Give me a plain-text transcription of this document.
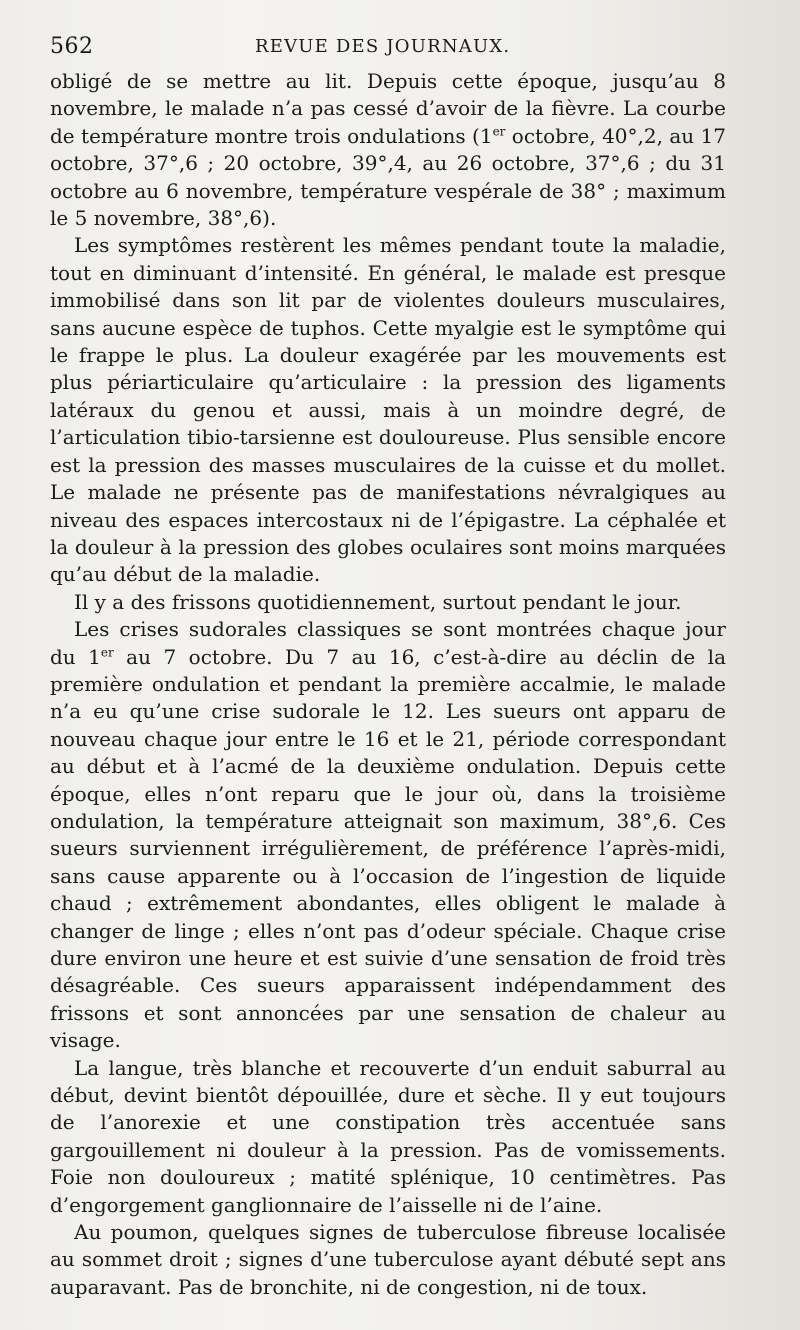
562	REVUE DES JOURNAUX.

obligé de se mettre au lit. Depuis cette époque, jusqu’au 8 novembre, le malade n’a pas cessé d’avoir de la fièvre. La courbe de température montre trois ondulations (1er octobre, 40°,2, au 17 octobre, 37°,6 ; 20 octobre, 39°,4, au 26 octobre, 37°,6 ; du 31 octobre au 6 novembre, température vespérale de 38° ; maximum le 5 novembre, 38°,6).

Les symptômes restèrent les mêmes pendant toute la maladie, tout en diminuant d’intensité. En général, le malade est presque immobilisé dans son lit par de violentes douleurs musculaires, sans aucune espèce de tuphos. Cette myalgie est le symptôme qui le frappe le plus. La douleur exagérée par les mouvements est plus périarticulaire qu’articulaire : la pression des ligaments latéraux du genou et aussi, mais à un moindre degré, de l’articulation tibio-tarsienne est douloureuse. Plus sensible encore est la pression des masses musculaires de la cuisse et du mollet. Le malade ne présente pas de manifestations névralgiques au niveau des espaces intercostaux ni de l’épigastre. La céphalée et la douleur à la pression des globes oculaires sont moins marquées qu’au début de la maladie.

Il y a des frissons quotidiennement, surtout pendant le jour.

Les crises sudorales classiques se sont montrées chaque jour du 1er au 7 octobre. Du 7 au 16, c’est-à-dire au déclin de la première ondulation et pendant la première accalmie, le malade n’a eu qu’une crise sudorale le 12. Les sueurs ont apparu de nouveau chaque jour entre le 16 et le 21, période correspondant au début et à l’acmé de la deuxième ondulation. Depuis cette époque, elles n’ont reparu que le jour où, dans la troisième ondulation, la température atteignait son maximum, 38°,6. Ces sueurs surviennent irrégulièrement, de préférence l’après-midi, sans cause apparente ou à l’occasion de l’ingestion de liquide chaud ; extrêmement abondantes, elles obligent le malade à changer de linge ; elles n’ont pas d’odeur spéciale. Chaque crise dure environ une heure et est suivie d’une sensation de froid très désagréable. Ces sueurs apparaissent indépendamment des frissons et sont annoncées par une sensation de chaleur au visage.

La langue, très blanche et recouverte d’un enduit saburral au début, devint bientôt dépouillée, dure et sèche. Il y eut toujours de l’anorexie et une constipation très accentuée sans gargouillement ni douleur à la pression. Pas de vomissements. Foie non douloureux ; matité splénique, 10 centimètres. Pas d’engorgement ganglionnaire de l’aisselle ni de l’aine.

Au poumon, quelques signes de tuberculose fibreuse localisée au sommet droit ; signes d’une tuberculose ayant débuté sept ans auparavant. Pas de bronchite, ni de congestion, ni de toux.
